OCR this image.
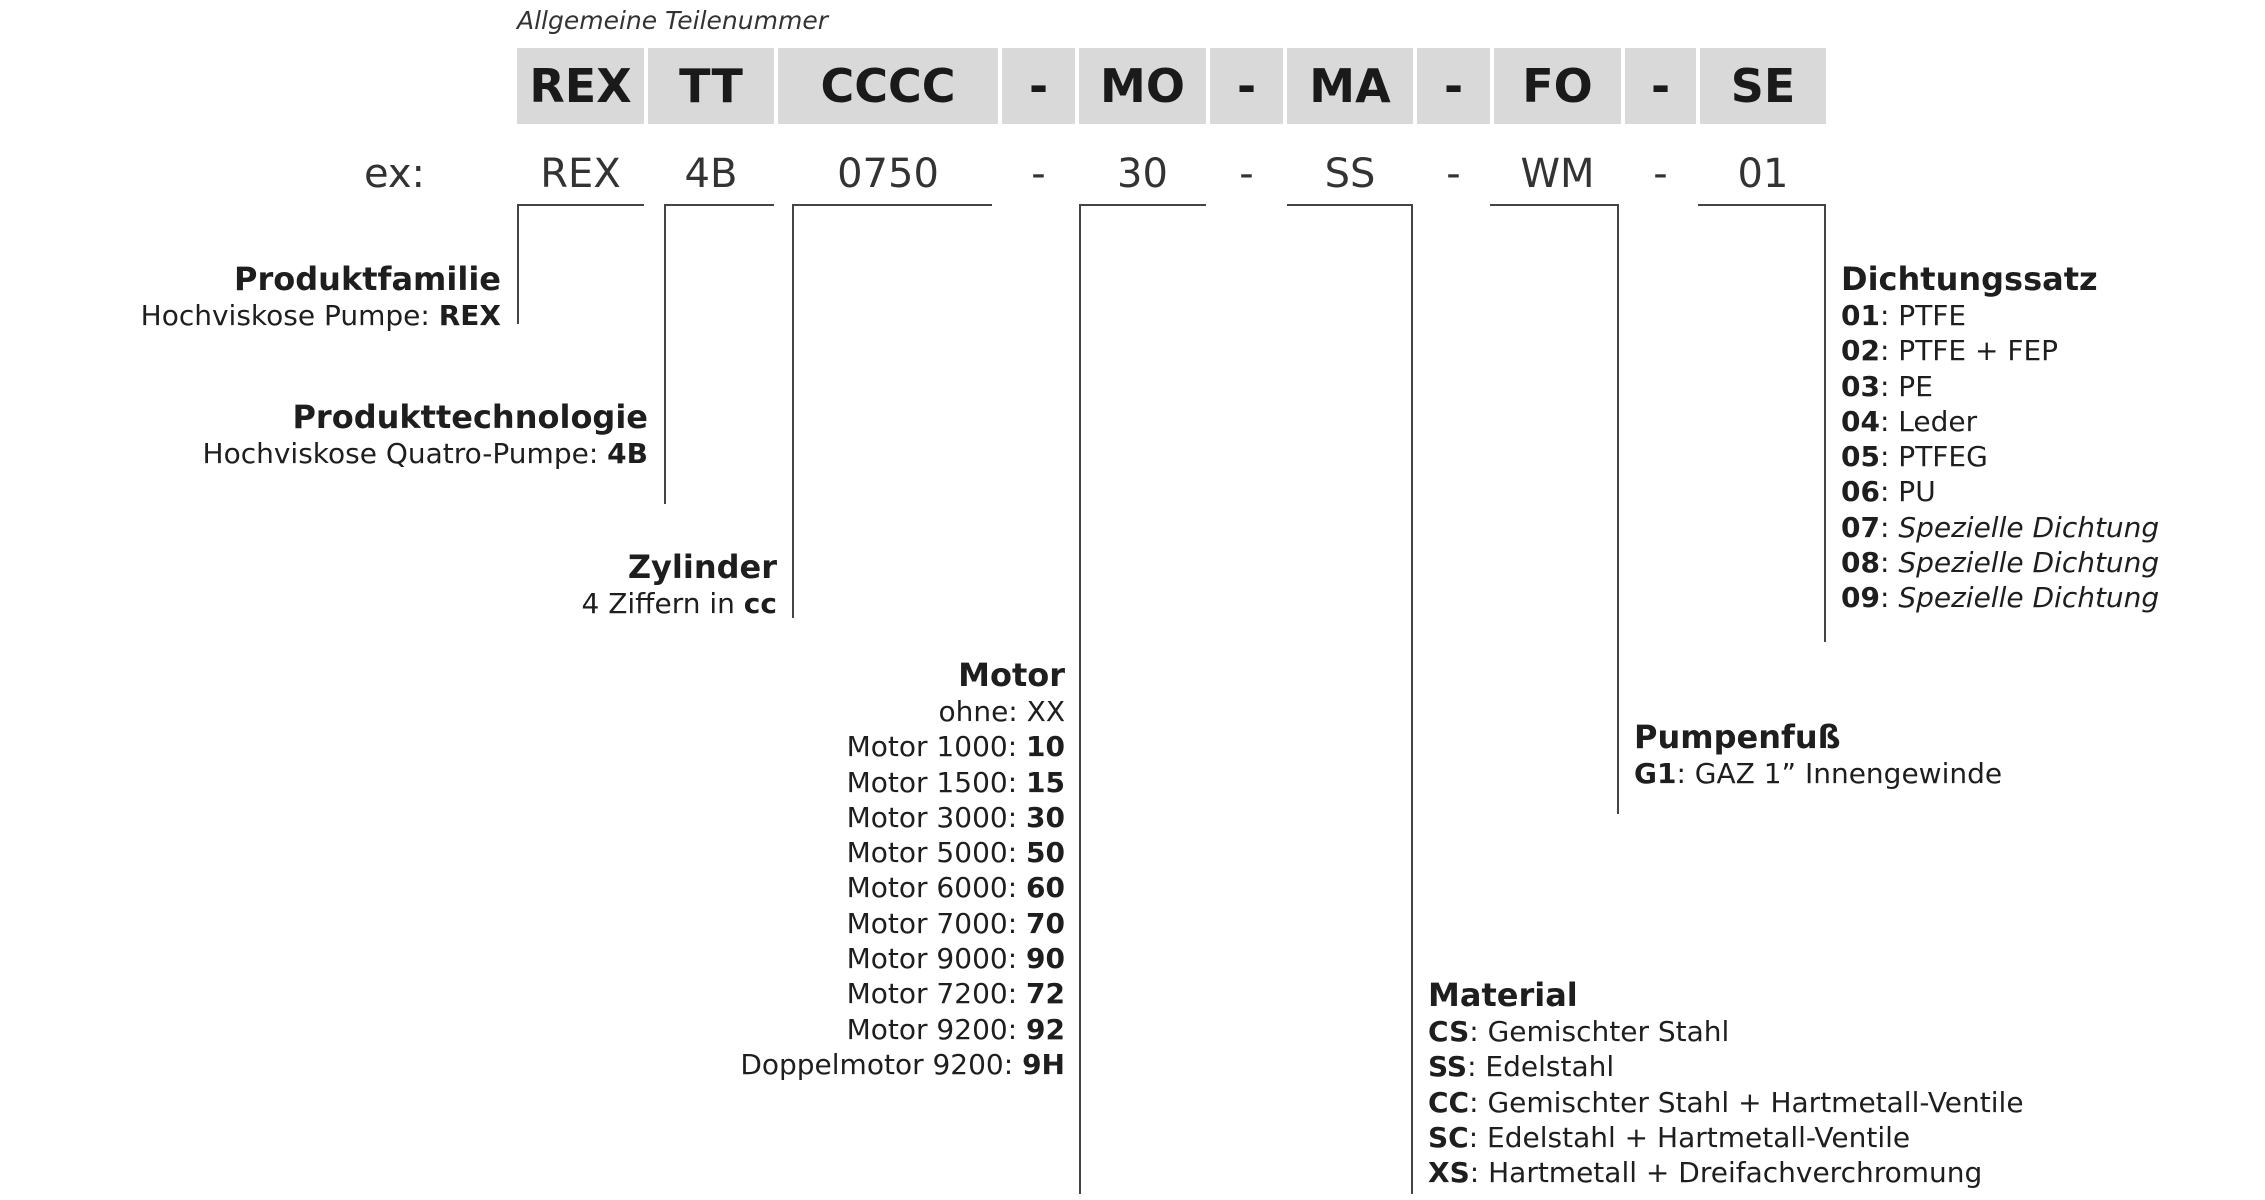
Allgemeine Teilenummer
REX	TT	CCCC	-	MO	-	MA	-	FO	-	SE
ex:	REX	4B	0750	-	30	-	SS	-	WM	-	01
Produktfamilie
Hochviskose Pumpe: REX
Produkttechnologie
Hochviskose Quatro-Pumpe: 4B
Zylinder
4 Ziffern in cc
Motor
ohne: XX
Motor 1000: 10
Motor 1500: 15
Motor 3000: 30
Motor 5000: 50
Motor 6000: 60
Motor 7000: 70
Motor 9000: 90
Motor 7200: 72
Motor 9200: 92
Doppelmotor 9200: 9H
Material
CS: Gemischter Stahl
SS: Edelstahl
CC: Gemischter Stahl + Hartmetall-Ventile
SC: Edelstahl + Hartmetall-Ventile
XS: Hartmetall + Dreifachverchromung
Pumpenfuß
G1: GAZ 1” Innengewinde
Dichtungssatz
01: PTFE
02: PTFE + FEP
03: PE
04: Leder
05: PTFEG
06: PU
07: Spezielle Dichtung
08: Spezielle Dichtung
09: Spezielle Dichtung
